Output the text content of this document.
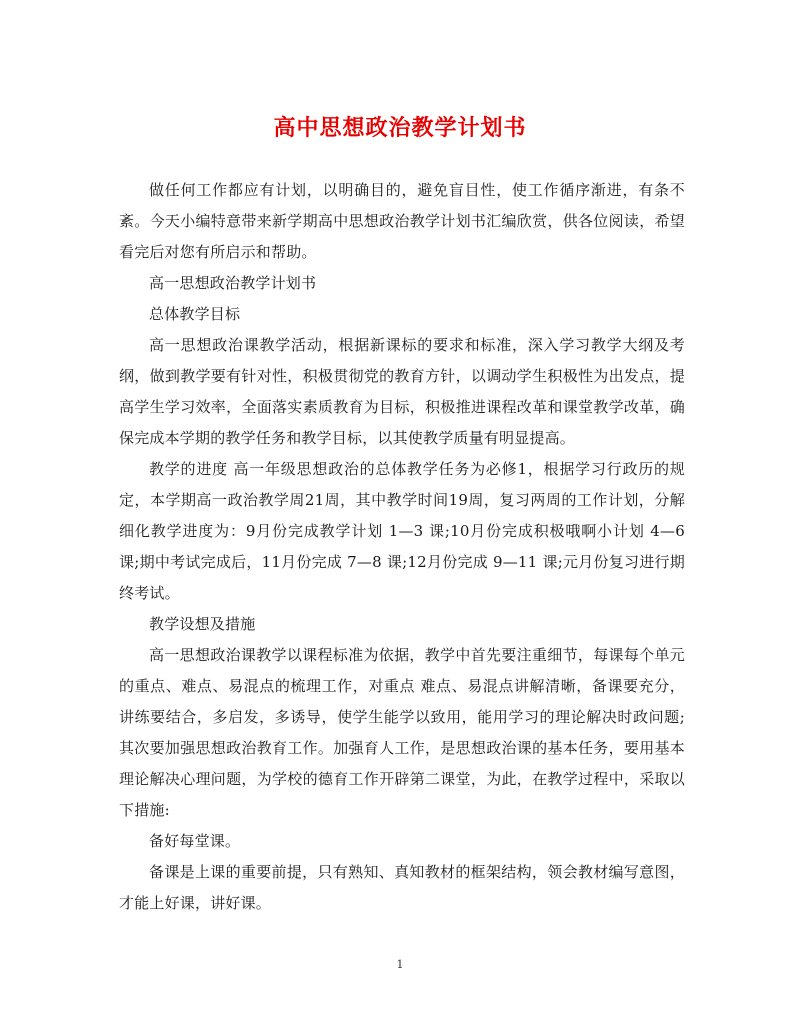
高中思想政治教学计划书

做任何工作都应有计划，以明确目的，避免盲目性，使工作循序渐进，有条不紊。今天小编特意带来新学期高中思想政治教学计划书汇编欣赏，供各位阅读，希望看完后对您有所启示和帮助。

高一思想政治教学计划书

总体教学目标

高一思想政治课教学活动，根据新课标的要求和标准，深入学习教学大纲及考纲，做到教学要有针对性，积极贯彻党的教育方针，以调动学生积极性为出发点，提高学生学习效率，全面落实素质教育为目标，积极推进课程改革和课堂教学改革，确保完成本学期的教学任务和教学目标，以其使教学质量有明显提高。

教学的进度 高一年级思想政治的总体教学任务为必修1，根据学习行政历的规定，本学期高一政治教学周21周，其中教学时间19周，复习两周的工作计划，分解细化教学进度为：9月份完成教学计划 1—3 课;10月份完成积极哦啊小计划 4—6 课;期中考试完成后，11月份完成 7—8 课;12月份完成 9—11 课;元月份复习进行期终考试。

教学设想及措施

高一思想政治课教学以课程标准为依据，教学中首先要注重细节，每课每个单元的重点、难点、易混点的梳理工作，对重点 难点、易混点讲解清晰，备课要充分，讲练要结合，多启发，多诱导，使学生能学以致用，能用学习的理论解决时政问题;其次要加强思想政治教育工作。加强育人工作，是思想政治课的基本任务，要用基本理论解决心理问题，为学校的德育工作开辟第二课堂，为此，在教学过程中，采取以下措施:

备好每堂课。

备课是上课的重要前提，只有熟知、真知教材的框架结构，领会教材编写意图，才能上好课，讲好课。

1
